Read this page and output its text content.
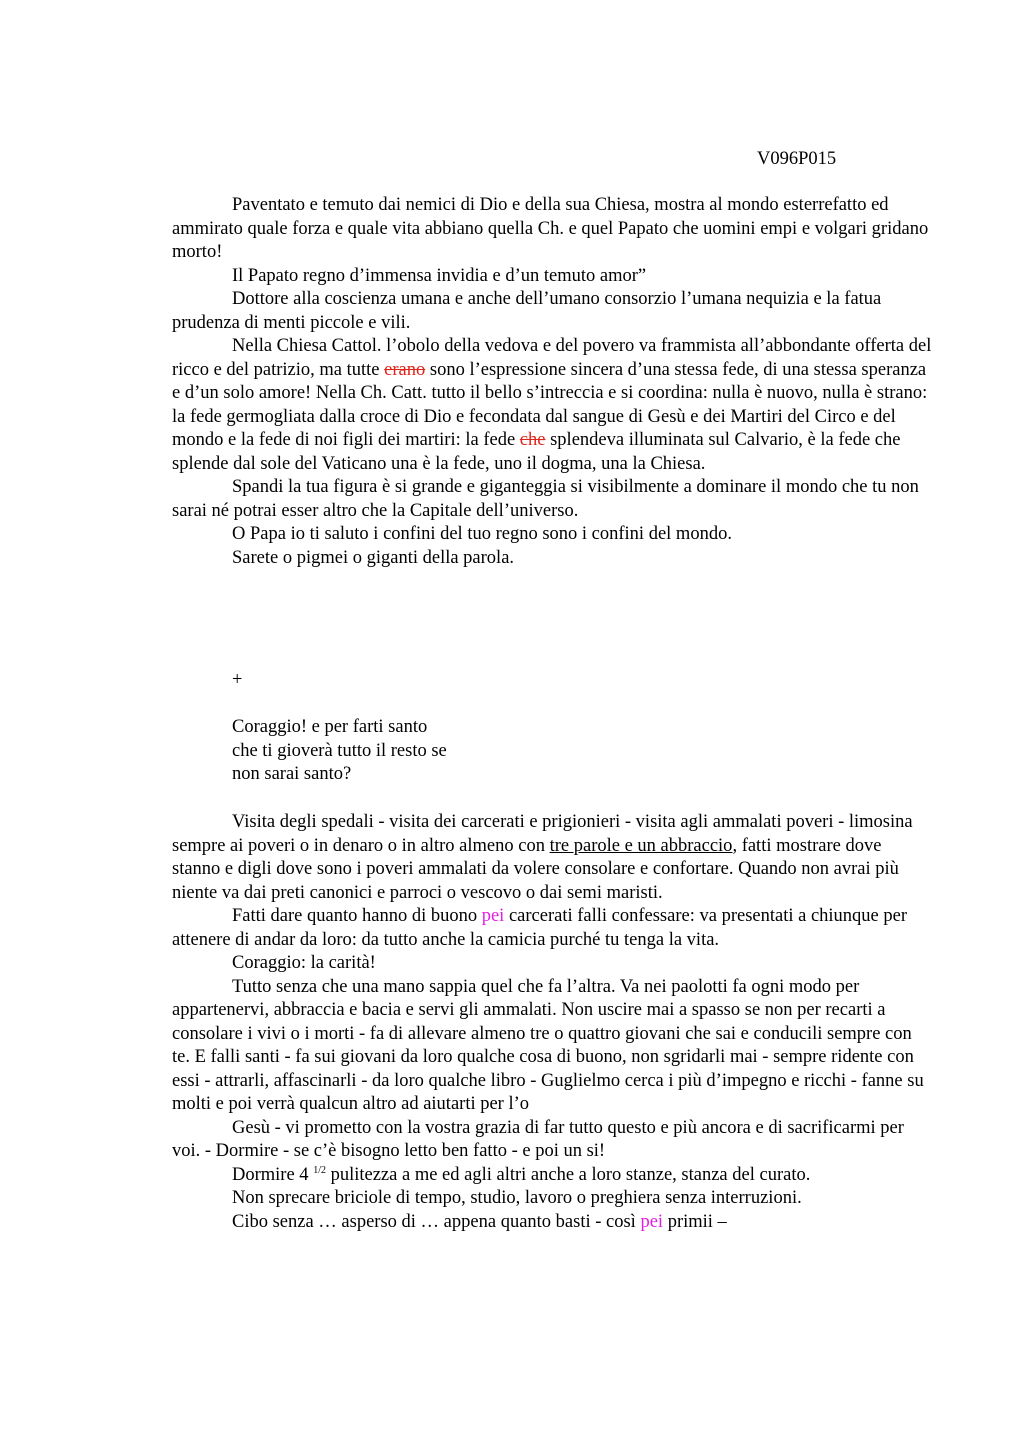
V096P015

Paventato e temuto dai nemici di Dio e della sua Chiesa, mostra al mondo esterrefatto ed ammirato quale forza e quale vita abbiano quella Ch. e quel Papato che uomini empi e volgari gridano morto!

Il Papato regno d’immensa invidia e d’un temuto amor”

Dottore alla coscienza umana e anche dell’umano consorzio l’umana nequizia e la fatua prudenza di menti piccole e vili.

Nella Chiesa Cattol. l’obolo della vedova e del povero va frammista all’abbondante offerta del ricco e del patrizio, ma tutte erano sono l’espressione sincera d’una stessa fede, di una stessa speranza e d’un solo amore! Nella Ch. Catt. tutto il bello s’intreccia e si coordina: nulla è nuovo, nulla è strano: la fede germogliata dalla croce di Dio e fecondata dal sangue di Gesù e dei Martiri del Circo e del mondo e la fede di noi figli dei martiri: la fede che splendeva illuminata sul Calvario, è la fede che splende dal sole del Vaticano una è la fede, uno il dogma, una la Chiesa.

Spandi la tua figura è si grande e giganteggia si visibilmente a dominare il mondo che tu non sarai né potrai esser altro che la Capitale dell’universo.

O Papa io ti saluto i confini del tuo regno sono i confini del mondo.

Sarete o pigmei o giganti della parola.

+

Coraggio! e per farti santo

che ti gioverà tutto il resto se

non sarai santo?

Visita degli spedali - visita dei carcerati e prigionieri - visita agli ammalati poveri - limosina sempre ai poveri o in denaro o in altro almeno con tre parole e un abbraccio, fatti mostrare dove stanno e digli dove sono i poveri ammalati da volere consolare e confortare. Quando non avrai più niente va dai preti canonici e parroci o vescovo o dai semi maristi.

Fatti dare quanto hanno di buono pei carcerati falli confessare: va presentati a chiunque per attenere di andar da loro: da tutto anche la camicia purché tu tenga la vita.

Coraggio: la carità!

Tutto senza che una mano sappia quel che fa l’altra. Va nei paolotti fa ogni modo per appartenervi, abbraccia e bacia e servi gli ammalati. Non uscire mai a spasso se non per recarti a consolare i vivi o i morti - fa di allevare almeno tre o quattro giovani che sai e conducili sempre con te. E falli santi - fa sui giovani da loro qualche cosa di buono, non sgridarli mai - sempre ridente con essi - attrarli, affascinarli - da loro qualche libro - Guglielmo cerca i più d’impegno e ricchi - fanne su molti e poi verrà qualcun altro ad aiutarti per l’o

Gesù - vi prometto con la vostra grazia di far tutto questo e più ancora e di sacrificarmi per voi. - Dormire - se c’è bisogno letto ben fatto - e poi un si!

Dormire 4 $^{1/2}$ pulitezza a me ed agli altri anche a loro stanze, stanza del curato.

Non sprecare briciole di tempo, studio, lavoro o preghiera senza interruzioni.

Cibo senza … asperso di … appena quanto basti - così pei primii –
